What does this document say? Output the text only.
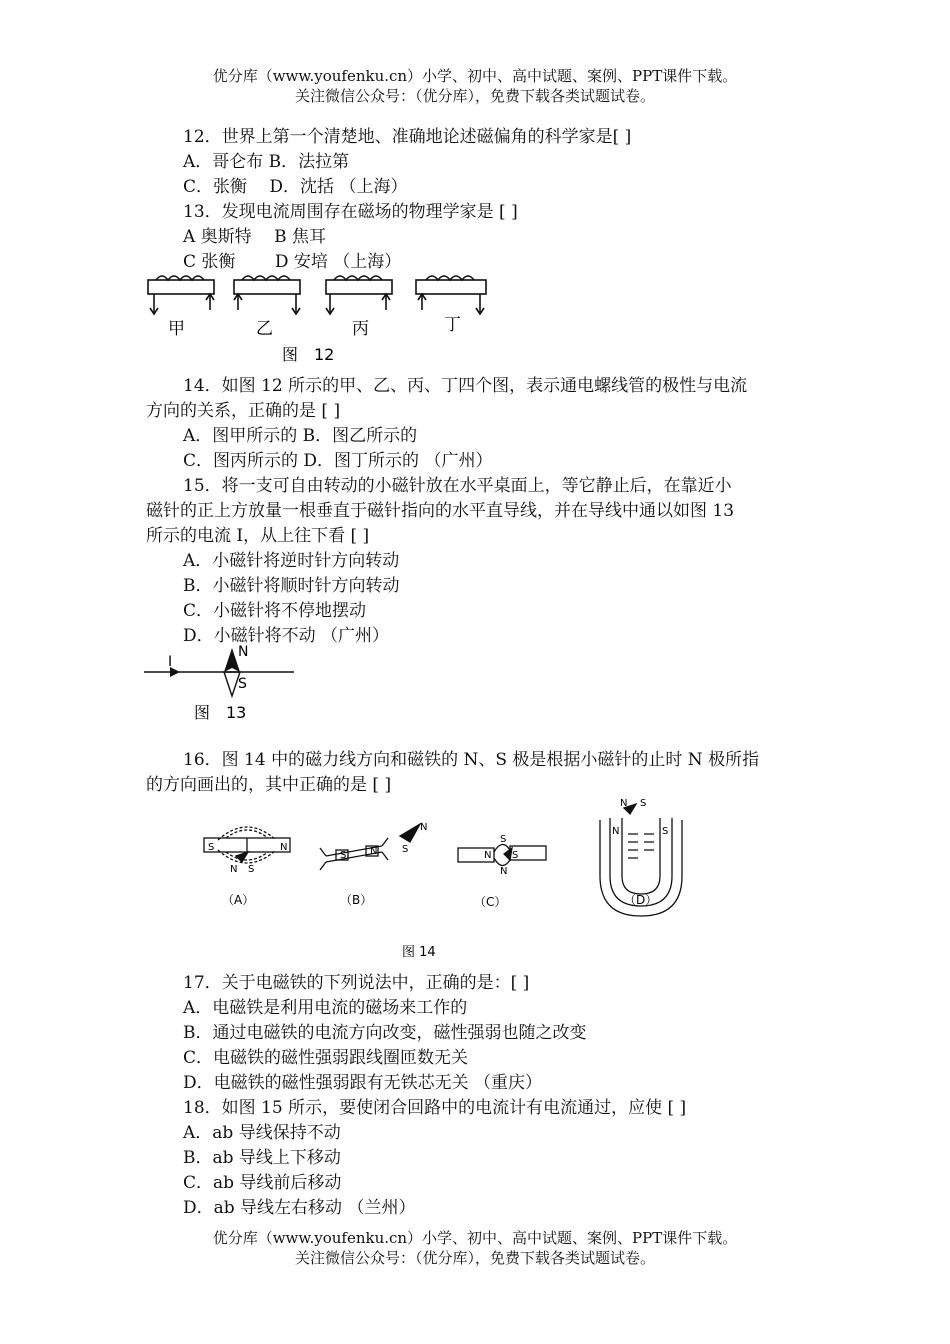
优分库（www.youfenku.cn）小学、初中、高中试题、案例、PPT课件下载。
关注微信公众号：（优分库），免费下载各类试题试卷。
12．世界上第一个清楚地、准确地论述磁偏角的科学家是[ ]
A．哥仑布 B．法拉第
C．张衡　 D．沈括 （上海）
13．发现电流周围存在磁场的物理学家是 [ ]
A 奥斯特　 B 焦耳
C 张衡　　 D 安培 （上海）
甲	乙	丙	丁
图　12
14．如图 12 所示的甲、乙、丙、丁四个图，表示通电螺线管的极性与电流
方向的关系，正确的是 [ ]
A．图甲所示的 B．图乙所示的
C．图丙所示的 D．图丁所示的 （广州）
15．将一支可自由转动的小磁针放在水平桌面上，等它静止后，在靠近小
磁针的正上方放量一根垂直于磁针指向的水平直导线，并在导线中通以如图 13
所示的电流 I，从上往下看 [ ]
A．小磁针将逆时针方向转动
B．小磁针将顺时针方向转动
C．小磁针将不停地摆动
D．小磁针将不动 （广州）
I
N
S
图　13
16．图 14 中的磁力线方向和磁铁的 N、S 极是根据小磁针的止时 N 极所指
的方向画出的，其中正确的是 [ ]
S	N
N S
S N
N
S
N S
S
N
N S
N	S
（A）	（B）	（C）	（D）
图 14
17．关于电磁铁的下列说法中，正确的是：[ ]
A．电磁铁是利用电流的磁场来工作的
B．通过电磁铁的电流方向改变，磁性强弱也随之改变
C．电磁铁的磁性强弱跟线圈匝数无关
D．电磁铁的磁性强弱跟有无铁芯无关 （重庆）
18．如图 15 所示，要使闭合回路中的电流计有电流通过，应使 [ ]
A．ab 导线保持不动
B．ab 导线上下移动
C．ab 导线前后移动
D．ab 导线左右移动 （兰州）
优分库（www.youfenku.cn）小学、初中、高中试题、案例、PPT课件下载。
关注微信公众号：（优分库），免费下载各类试题试卷。
